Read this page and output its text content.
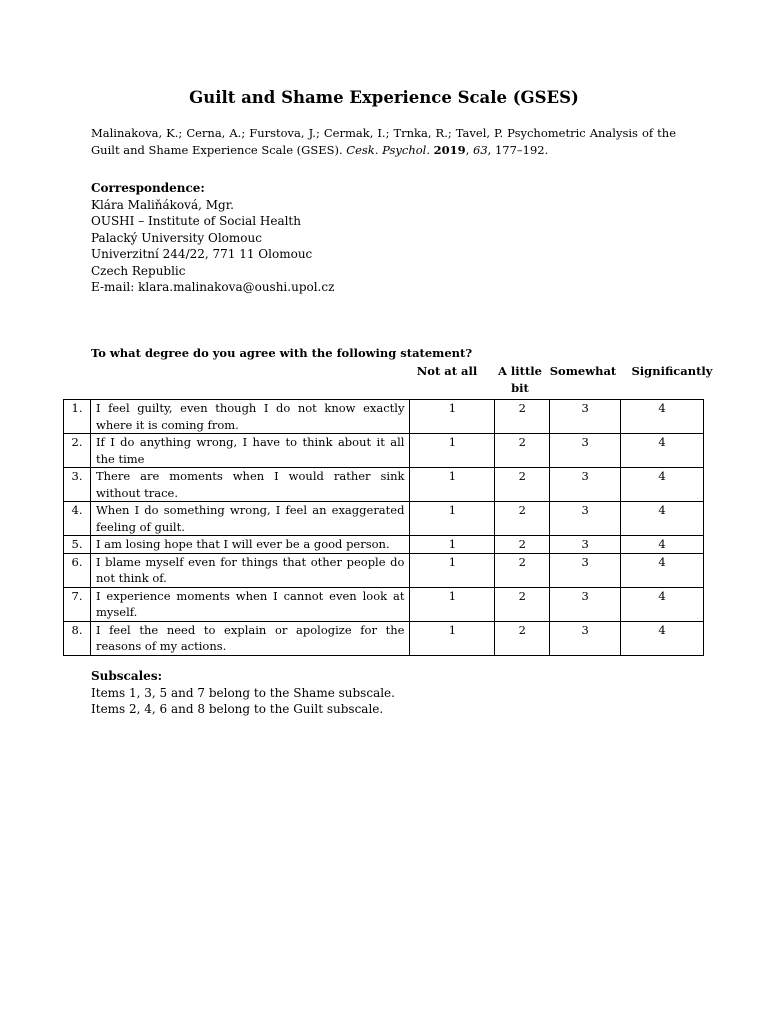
Guilt and Shame Experience Scale (GSES)
Malinakova, K.; Cerna, A.; Furstova, J.; Cermak, I.; Trnka, R.; Tavel, P. Psychometric Analysis of the Guilt and Shame Experience Scale (GSES). Cesk. Psychol. 2019, 63, 177–192.
Correspondence:
Klára Maliňáková, Mgr.
OUSHI – Institute of Social Health
Palacký University Olomouc
Univerzitní 244/22, 771 11 Olomouc
Czech Republic
E-mail: klara.malinakova@oushi.upol.cz
To what degree do you agree with the following statement?
Not at all	A little bit
Somewhat	Significantly
1.	I feel guilty, even though I do not know exactly where it is coming from.	1	2	3	4
2.	If I do anything wrong, I have to think about it all the time	1	2	3	4
3.	There are moments when I would rather sink without trace.	1	2	3	4
4.	When I do something wrong, I feel an exaggerated feeling of guilt.	1	2	3	4
5.	I am losing hope that I will ever be a good person.	1	2	3	4
6.	I blame myself even for things that other people do not think of.	1	2	3	4
7.	I experience moments when I cannot even look at myself.	1	2	3	4
8.	I feel the need to explain or apologize for the reasons of my actions.	1	2	3	4
Subscales:
Items 1, 3, 5 and 7 belong to the Shame subscale.
Items 2, 4, 6 and 8 belong to the Guilt subscale.
